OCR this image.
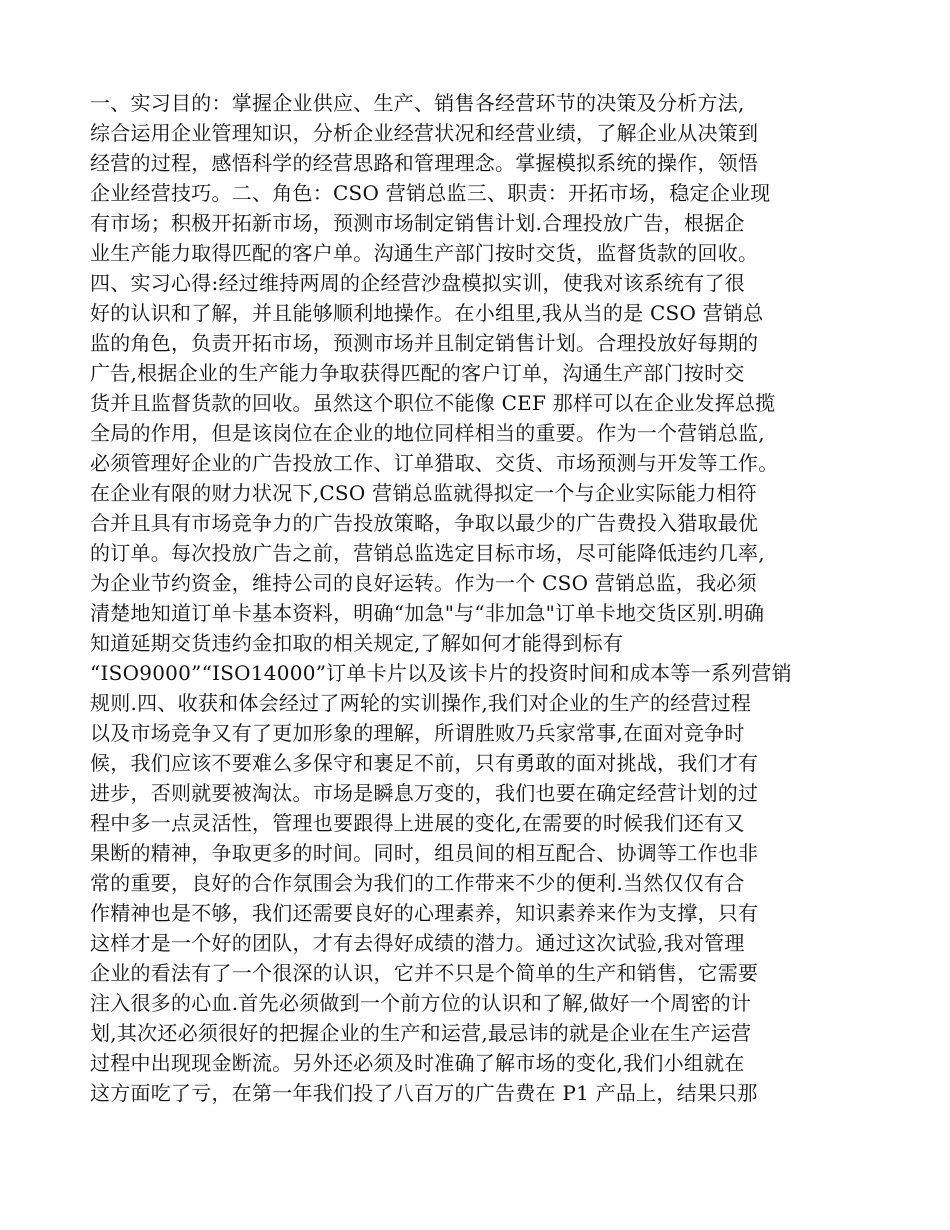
一、实习目的：掌握企业供应、生产、销售各经营环节的决策及分析方法,
综合运用企业管理知识，分析企业经营状况和经营业绩，了解企业从决策到
经营的过程，感悟科学的经营思路和管理理念。掌握模拟系统的操作，领悟
企业经营技巧。二、角色：CSO 营销总监三、职责：开拓市场，稳定企业现
有市场；积极开拓新市场，预测市场制定销售计划.合理投放广告，根据企
业生产能力取得匹配的客户单。沟通生产部门按时交货，监督货款的回收。
四、实习心得:经过维持两周的企经营沙盘模拟实训，使我对该系统有了很
好的认识和了解，并且能够顺利地操作。在小组里,我从当的是 CSO 营销总
监的角色，负责开拓市场，预测市场并且制定销售计划。合理投放好每期的
广告,根据企业的生产能力争取获得匹配的客户订单，沟通生产部门按时交
货并且监督货款的回收。虽然这个职位不能像 CEF 那样可以在企业发挥总揽
全局的作用，但是该岗位在企业的地位同样相当的重要。作为一个营销总监,
必须管理好企业的广告投放工作、订单猎取、交货、市场预测与开发等工作。
在企业有限的财力状况下,CSO 营销总监就得拟定一个与企业实际能力相符
合并且具有市场竞争力的广告投放策略，争取以最少的广告费投入猎取最优
的订单。每次投放广告之前，营销总监选定目标市场，尽可能降低违约几率,
为企业节约资金，维持公司的良好运转。作为一个 CSO 营销总监，我必须
清楚地知道订单卡基本资料，明确“加急"与“非加急"订单卡地交货区别.明确
知道延期交货违约金扣取的相关规定,了解如何才能得到标有
“ISO9000”“ISO14000”订单卡片以及该卡片的投资时间和成本等一系列营销
规则.四、收获和体会经过了两轮的实训操作,我们对企业的生产的经营过程
以及市场竞争又有了更加形象的理解，所谓胜败乃兵家常事,在面对竞争时
候，我们应该不要难么多保守和裹足不前，只有勇敢的面对挑战，我们才有
进步，否则就要被淘汰。市场是瞬息万变的，我们也要在确定经营计划的过
程中多一点灵活性，管理也要跟得上进展的变化,在需要的时候我们还有又
果断的精神，争取更多的时间。同时，组员间的相互配合、协调等工作也非
常的重要，良好的合作氛围会为我们的工作带来不少的便利.当然仅仅有合
作精神也是不够，我们还需要良好的心理素养，知识素养来作为支撑，只有
这样才是一个好的团队，才有去得好成绩的潜力。通过这次试验,我对管理
企业的看法有了一个很深的认识，它并不只是个简单的生产和销售，它需要
注入很多的心血.首先必须做到一个前方位的认识和了解,做好一个周密的计
划,其次还必须很好的把握企业的生产和运营,最忌讳的就是企业在生产运营
过程中出现现金断流。另外还必须及时准确了解市场的变化,我们小组就在
这方面吃了亏，在第一年我们投了八百万的广告费在 P1 产品上，结果只那
